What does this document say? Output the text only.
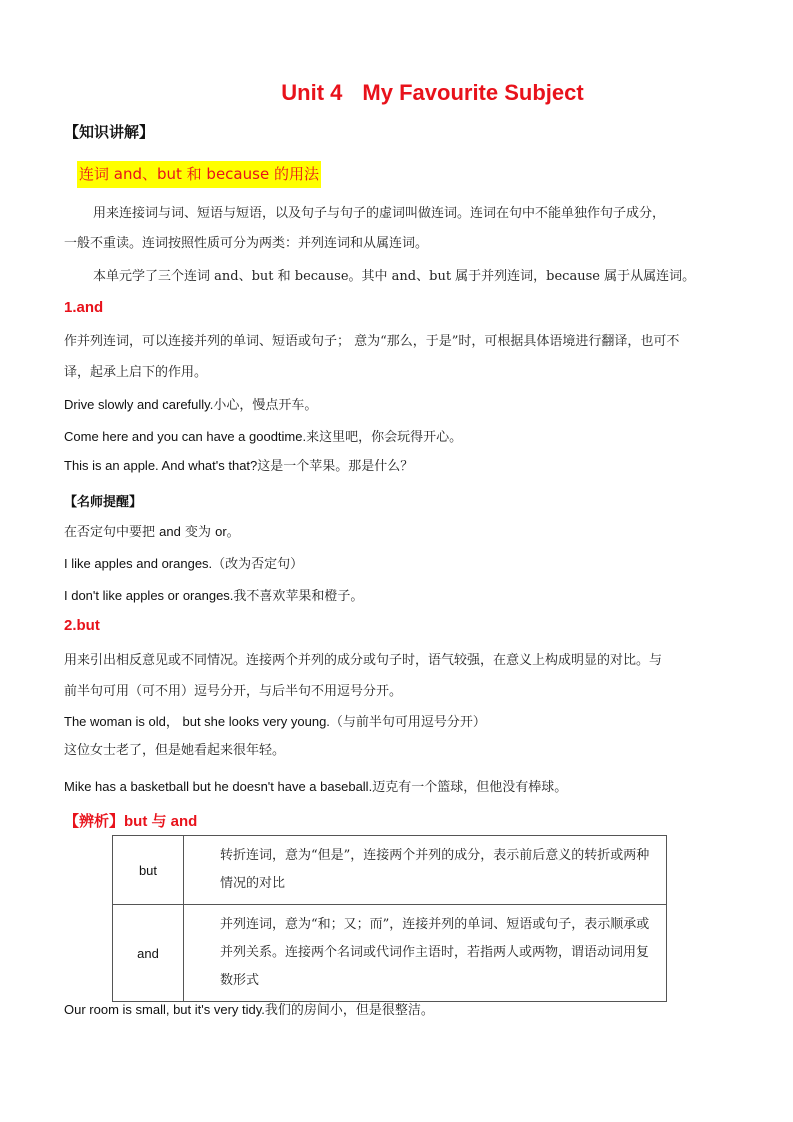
Unit 4 My Favourite Subject
【知识讲解】
连词 and、but 和 because 的用法
用来连接词与词、短语与短语，以及句子与句子的虚词叫做连词。连词在句中不能单独作句子成分，
一般不重读。连词按照性质可分为两类：并列连词和从属连词。
本单元学了三个连词 and、but 和 because。其中 and、but 属于并列连词，because 属于从属连词。
1.and
作并列连词，可以连接并列的单词、短语或句子； 意为“那么，于是”时，可根据具体语境进行翻译，也可不
译，起承上启下的作用。
Drive slowly and carefully.小心，慢点开车。
Come here and you can have a goodtime.来这里吧，你会玩得开心。
This is an apple. And what's that?这是一个苹果。那是什么？
【名师提醒】
在否定句中要把 and 变为 or。
I like apples and oranges.（改为否定句）
I don't like apples or oranges.我不喜欢苹果和橙子。
2.but
用来引出相反意见或不同情况。连接两个并列的成分或句子时，语气较强，在意义上构成明显的对比。与
前半句可用（可不用）逗号分开，与后半句不用逗号分开。
The woman is old， but she looks very young.（与前半句可用逗号分开）
这位女士老了，但是她看起来很年轻。
Mike has a basketball but he doesn't have a baseball.迈克有一个篮球，但他没有棒球。
【辨析】but 与 and
but	转折连词，意为“但是”，连接两个并列的成分，表示前后意义的转折或两种情况的对比
and	并列连词，意为“和；又；而”，连接并列的单词、短语或句子，表示顺承或并列关系。连接两个名词或代词作主语时，若指两人或两物，谓语动词用复数形式
Our room is small, but it's very tidy.我们的房间小，但是很整洁。
